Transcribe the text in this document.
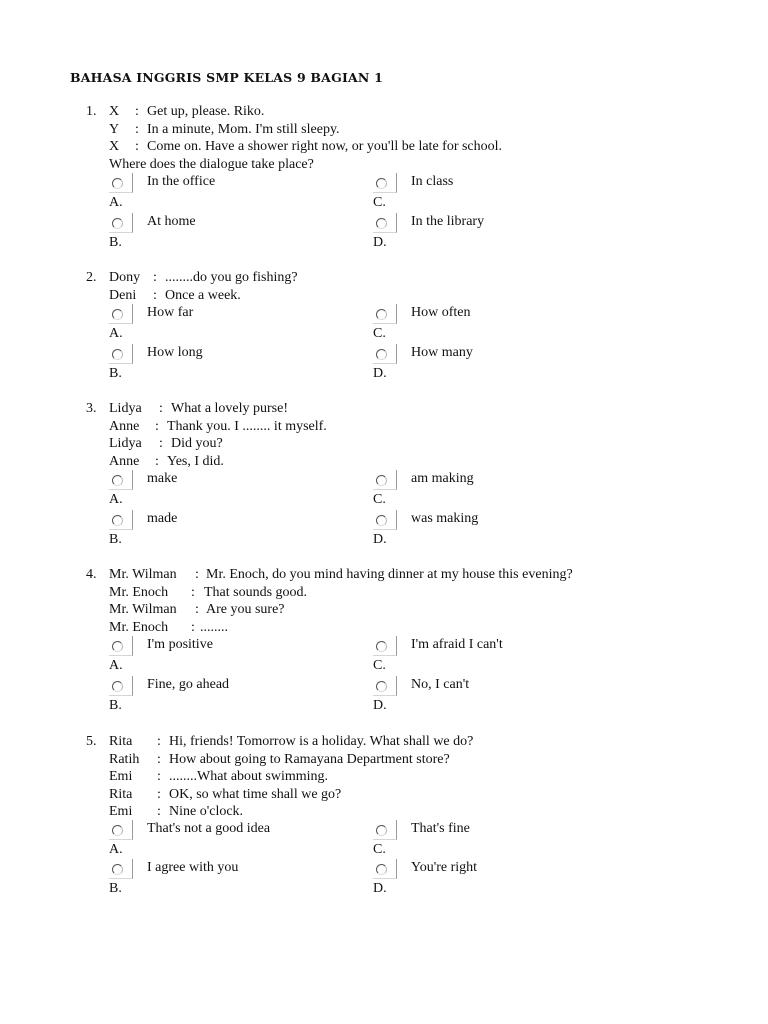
BAHASA INGGRIS SMP KELAS 9 BAGIAN 1
1. X : Get up, please. Riko.
Y : In a minute, Mom. I'm still sleepy.
X : Come on. Have a shower right now, or you'll be late for school.
Where does the dialogue take place?
In the office
A.
At home
B.
In class
C.
In the library
D.
2. Dony : ........do you go fishing?
Deni : Once a week.
How far
A.
How long
B.
How often
C.
How many
D.
3. Lidya : What a lovely purse!
Anne : Thank you. I ........ it myself.
Lidya : Did you?
Anne : Yes, I did.
make
A.
made
B.
am making
C.
was making
D.
4. Mr. Wilman : Mr. Enoch, do you mind having dinner at my house this evening?
Mr. Enoch : That sounds good.
Mr. Wilman : Are you sure?
Mr. Enoch : ........
I'm positive
A.
Fine, go ahead
B.
I'm afraid I can't
C.
No, I can't
D.
5. Rita : Hi, friends! Tomorrow is a holiday. What shall we do?
Ratih : How about going to Ramayana Department store?
Emi : ........What about swimming.
Rita : OK, so what time shall we go?
Emi : Nine o'clock.
That's not a good idea
A.
I agree with you
B.
That's fine
C.
You're right
D.
